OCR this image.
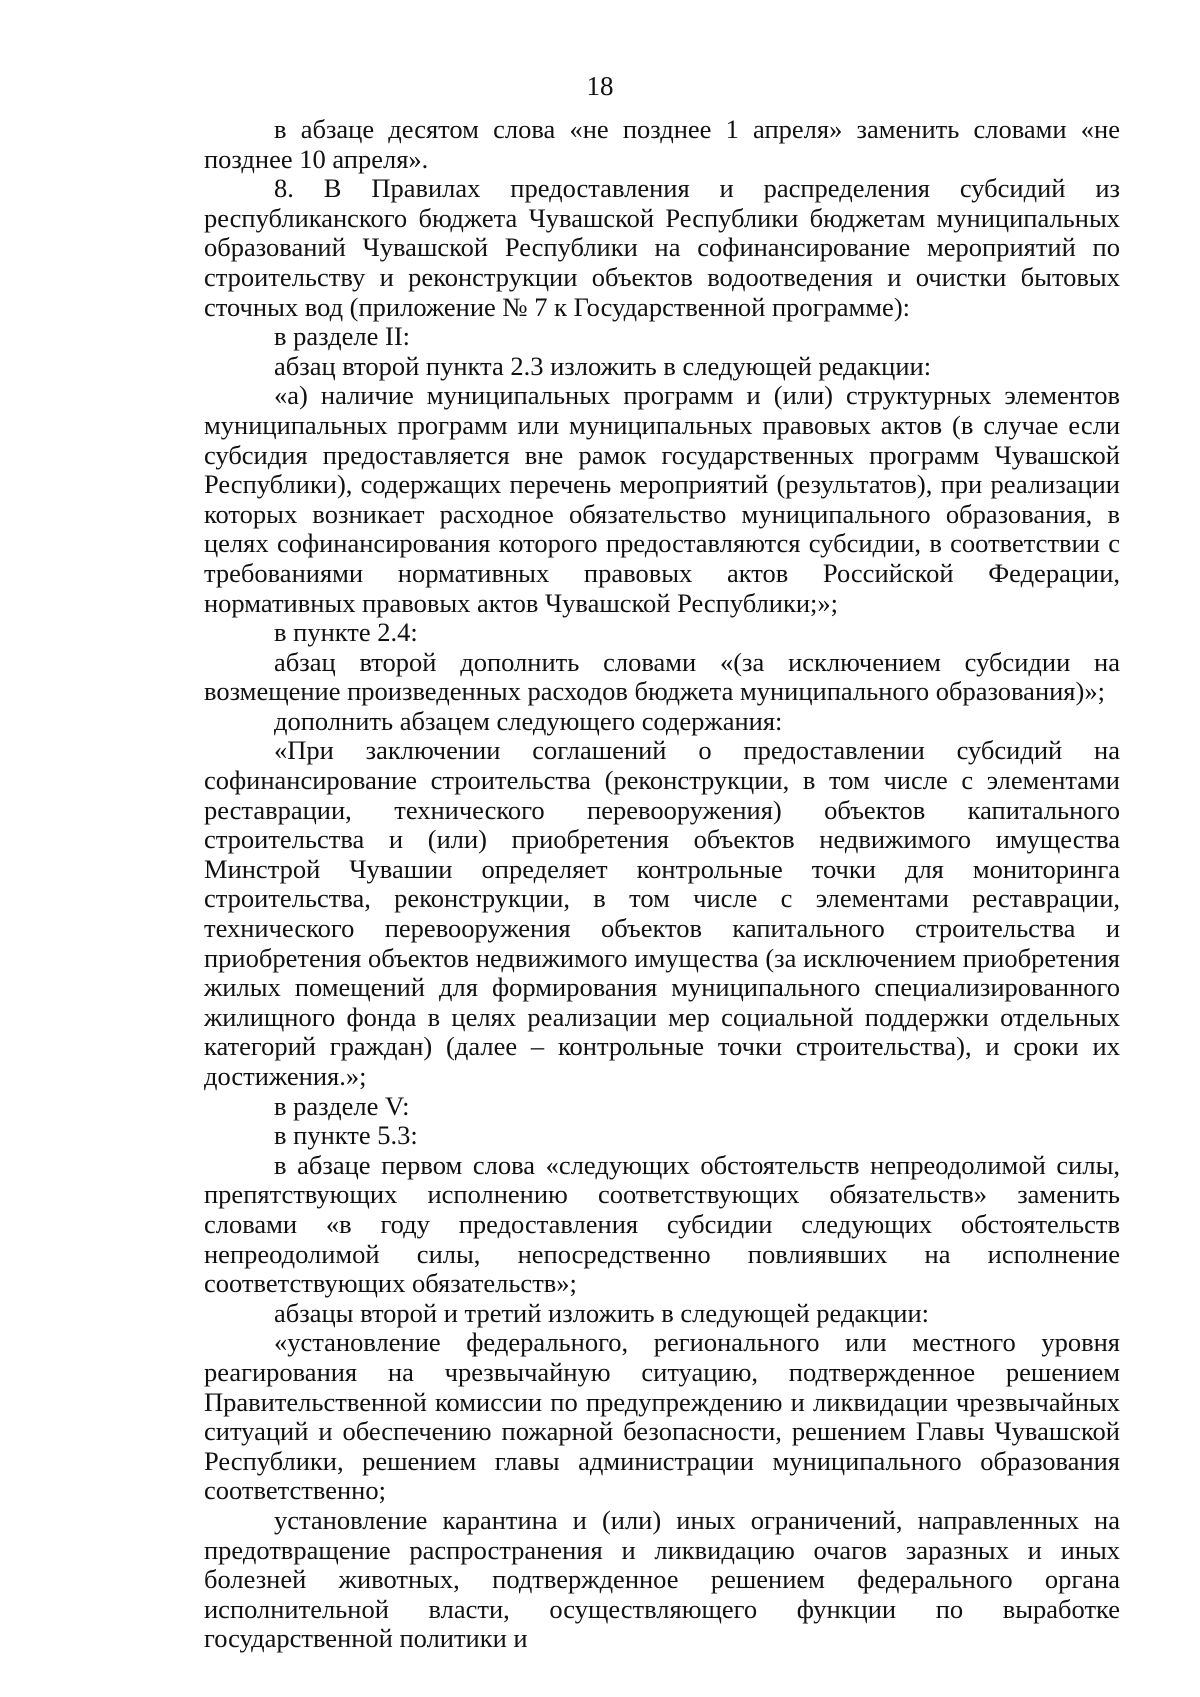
18

в абзаце десятом слова «не позднее 1 апреля» заменить словами «не позднее 10 апреля».

8. В Правилах предоставления и распределения субсидий из республиканского бюджета Чувашской Республики бюджетам муниципальных образований Чувашской Республики на софинансирование мероприятий по строительству и реконструкции объектов водоотведения и очистки бытовых сточных вод (приложение № 7 к Государственной программе):

в разделе II:

абзац второй пункта 2.3 изложить в следующей редакции:

«а) наличие муниципальных программ и (или) структурных элементов муниципальных программ или муниципальных правовых актов (в случае если субсидия предоставляется вне рамок государственных программ Чувашской Республики), содержащих перечень мероприятий (результатов), при реализации которых возникает расходное обязательство муниципального образования, в целях софинансирования которого предоставляются субсидии, в соответствии с требованиями нормативных правовых актов Российской Федерации, нормативных правовых актов Чувашской Республики;»;

в пункте 2.4:

абзац второй дополнить словами «(за исключением субсидии на возмещение произведенных расходов бюджета муниципального образования)»;

дополнить абзацем следующего содержания:

«При заключении соглашений о предоставлении субсидий на софинансирование строительства (реконструкции, в том числе с элементами реставрации, технического перевооружения) объектов капитального строительства и (или) приобретения объектов недвижимого имущества Минстрой Чувашии определяет контрольные точки для мониторинга строительства, реконструкции, в том числе с элементами реставрации, технического перевооружения объектов капитального строительства и приобретения объектов недвижимого имущества (за исключением приобретения жилых помещений для формирования муниципального специализированного жилищного фонда в целях реализации мер социальной поддержки отдельных категорий граждан) (далее – контрольные точки строительства), и сроки их достижения.»;

в разделе V:

в пункте 5.3:

в абзаце первом слова «следующих обстоятельств непреодолимой силы, препятствующих исполнению соответствующих обязательств» заменить словами «в году предоставления субсидии следующих обстоятельств непреодолимой силы, непосредственно повлиявших на исполнение соответствующих обязательств»;

абзацы второй и третий изложить в следующей редакции:

«установление федерального, регионального или местного уровня реагирования на чрезвычайную ситуацию, подтвержденное решением Правительственной комиссии по предупреждению и ликвидации чрезвычайных ситуаций и обеспечению пожарной безопасности, решением Главы Чувашской Республики, решением главы администрации муниципального образования соответственно;

установление карантина и (или) иных ограничений, направленных на предотвращение распространения и ликвидацию очагов заразных и иных болезней животных, подтвержденное решением федерального органа исполнительной власти, осуществляющего функции по выработке государственной политики и
